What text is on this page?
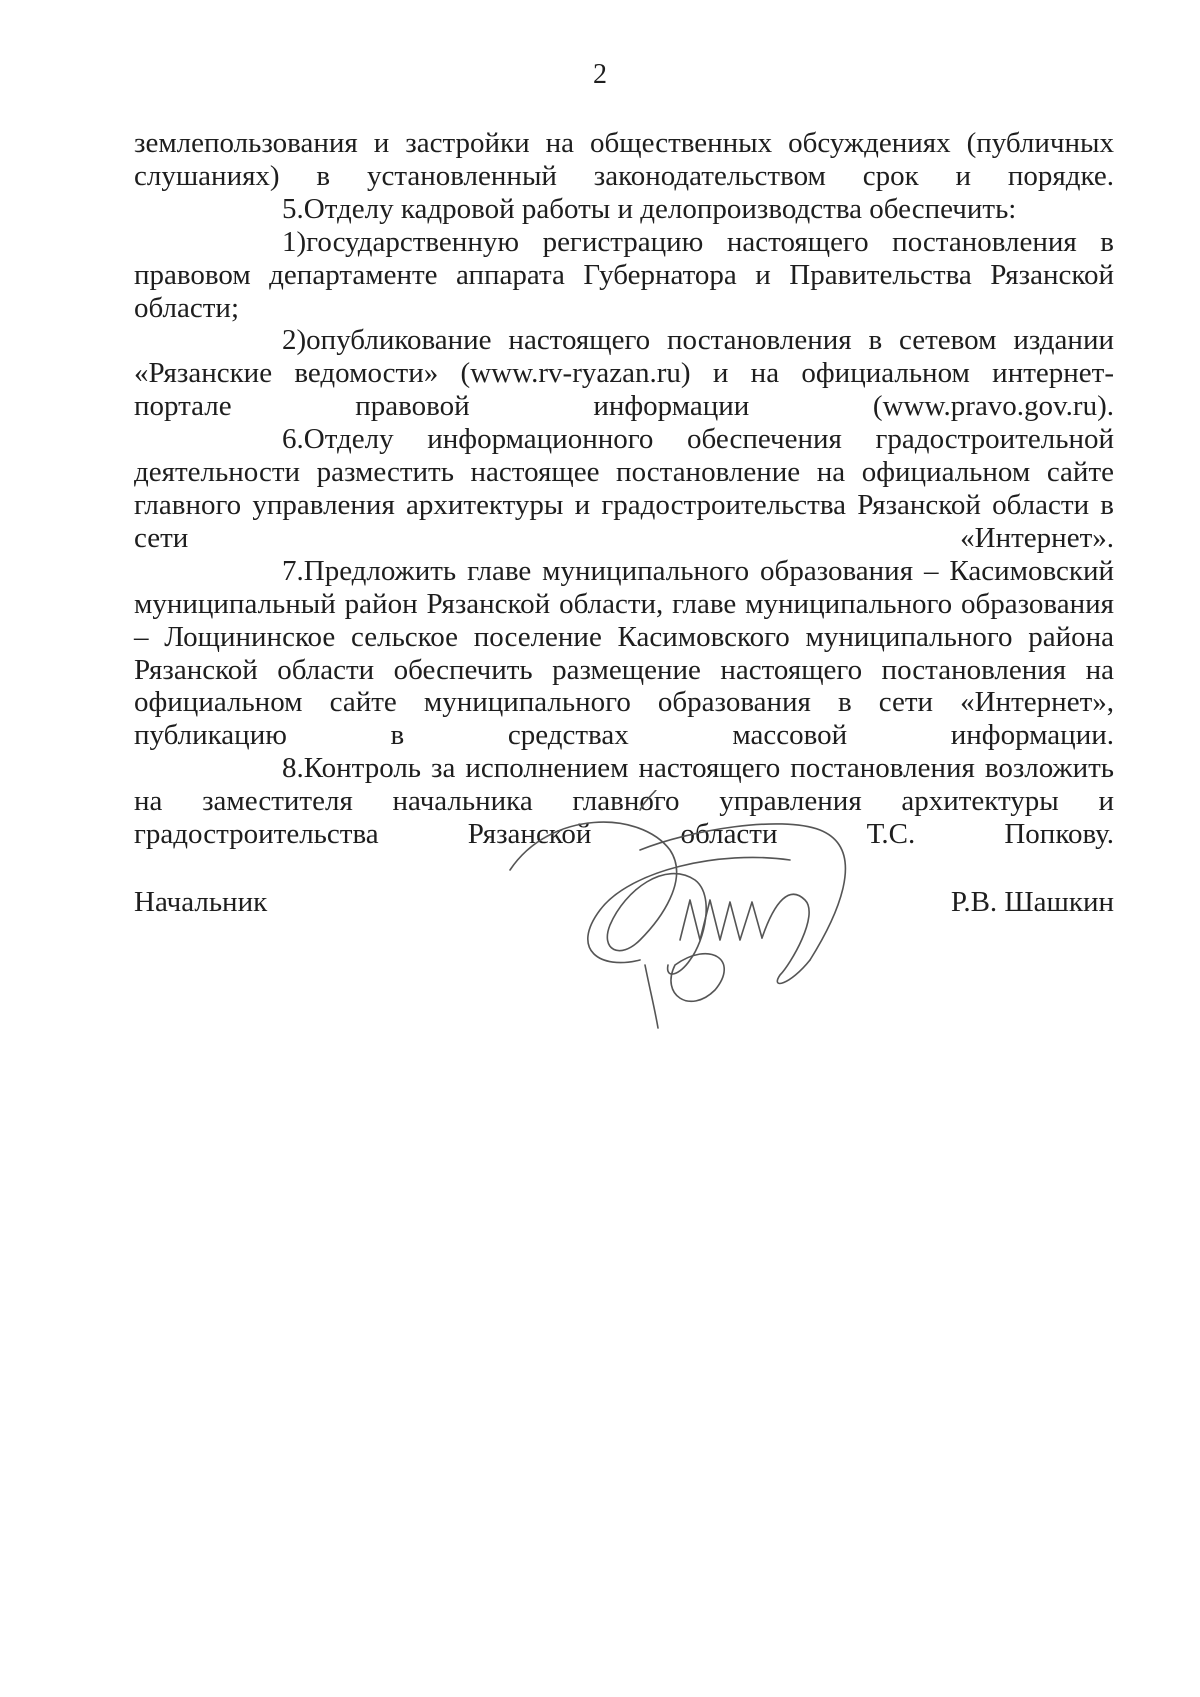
2

землепользования и застройки на общественных обсуждениях (публичных слушаниях) в установленный законодательством срок и порядке.

5.Отделу кадровой работы и делопроизводства обеспечить:

1)государственную регистрацию настоящего постановления в правовом департаменте аппарата Губернатора и Правительства Рязанской области;

2)опубликование настоящего постановления в сетевом издании «Рязанские ведомости» (www.rv-ryazan.ru) и на официальном интернет-портале правовой информации (www.pravo.gov.ru).

6.Отделу информационного обеспечения градостроительной деятельности разместить настоящее постановление на официальном сайте главного управления архитектуры и градостроительства Рязанской области в сети «Интернет».

7.Предложить главе муниципального образования – Касимовский муниципальный район Рязанской области, главе муниципального образования – Лощининское сельское поселение Касимовского муниципального района Рязанской области обеспечить размещение настоящего постановления на официальном сайте муниципального образования в сети «Интернет», публикацию в средствах массовой информации.

8.Контроль за исполнением настоящего постановления возложить на заместителя начальника главного управления архитектуры и градостроительства Рязанской области Т.С. Попкову.

Начальник	Р.В. Шашкин
